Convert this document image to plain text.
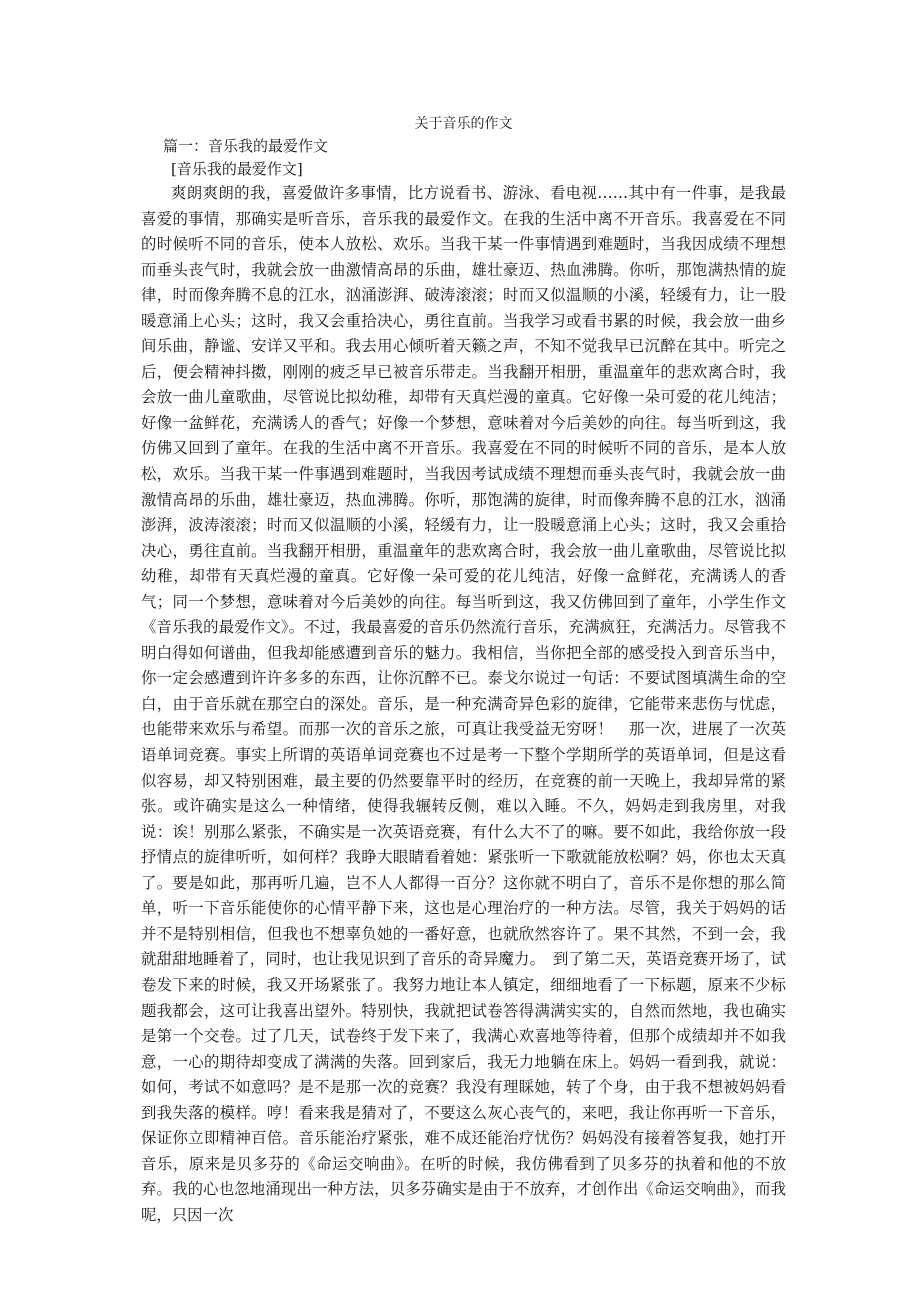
关于音乐的作文
篇一：音乐我的最爱作文
[音乐我的最爱作文]

爽朗爽朗的我，喜爱做许多事情，比方说看书、游泳、看电视……其中有一件事，是我最喜爱的事情，那确实是听音乐，音乐我的最爱作文。在我的生活中离不开音乐。我喜爱在不同的时候听不同的音乐，使本人放松、欢乐。当我干某一件事情遇到难题时，当我因成绩不理想而垂头丧气时，我就会放一曲激情高昂的乐曲，雄壮豪迈、热血沸腾。你听，那饱满热情的旋律，时而像奔腾不息的江水，汹涌澎湃、破涛滚滚；时而又似温顺的小溪，轻缓有力，让一股暖意涌上心头；这时，我又会重拾决心，勇往直前。当我学习或看书累的时候，我会放一曲乡间乐曲，静谧、安详又平和。我去用心倾听着天籁之声，不知不觉我早已沉醉在其中。听完之后，便会精神抖擞，刚刚的疲乏早已被音乐带走。当我翻开相册，重温童年的悲欢离合时，我会放一曲儿童歌曲，尽管说比拟幼稚，却带有天真烂漫的童真。它好像一朵可爱的花儿纯洁；好像一盆鲜花，充满诱人的香气；好像一个梦想，意味着对今后美妙的向往。每当听到这，我仿佛又回到了童年。在我的生活中离不开音乐。我喜爱在不同的时候听不同的音乐，是本人放松，欢乐。当我干某一件事遇到难题时，当我因考试成绩不理想而垂头丧气时，我就会放一曲激情高昂的乐曲，雄壮豪迈，热血沸腾。你听，那饱满的旋律，时而像奔腾不息的江水，汹涌澎湃，波涛滚滚；时而又似温顺的小溪，轻缓有力，让一股暖意涌上心头；这时，我又会重拾决心，勇往直前。当我翻开相册，重温童年的悲欢离合时，我会放一曲儿童歌曲，尽管说比拟幼稚，却带有天真烂漫的童真。它好像一朵可爱的花儿纯洁，好像一盒鲜花，充满诱人的香气；同一个梦想，意味着对今后美妙的向往。每当听到这，我又仿佛回到了童年，小学生作文《音乐我的最爱作文》。不过，我最喜爱的音乐仍然流行音乐，充满疯狂，充满活力。尽管我不明白得如何谱曲，但我却能感遭到音乐的魅力。我相信，当你把全部的感受投入到音乐当中，你一定会感遭到许许多多的东西，让你沉醉不已。泰戈尔说过一句话：不要试图填满生命的空白，由于音乐就在那空白的深处。音乐，是一种充满奇异色彩的旋律，它能带来悲伤与忧虑，也能带来欢乐与希望。而那一次的音乐之旅，可真让我受益无穷呀！　那一次，进展了一次英语单词竞赛。事实上所谓的英语单词竞赛也不过是考一下整个学期所学的英语单词，但是这看似容易，却又特别困难，最主要的仍然要靠平时的经历，在竞赛的前一天晚上，我却异常的紧张。或许确实是这么一种情绪，使得我辗转反侧，难以入睡。不久，妈妈走到我房里，对我说：诶！别那么紧张，不确实是一次英语竞赛，有什么大不了的嘛。要不如此，我给你放一段抒情点的旋律听听，如何样？我睁大眼睛看着她：紧张听一下歌就能放松啊？妈，你也太天真了。要是如此，那再听几遍，岂不人人都得一百分？这你就不明白了，音乐不是你想的那么简单，听一下音乐能使你的心情平静下来，这也是心理治疗的一种方法。尽管，我关于妈妈的话并不是特别相信，但我也不想辜负她的一番好意，也就欣然容许了。果不其然，不到一会，我就甜甜地睡着了，同时，也让我见识到了音乐的奇异魔力。　到了第二天，英语竞赛开场了，试卷发下来的时候，我又开场紧张了。我努力地让本人镇定，细细地看了一下标题，原来不少标题我都会，这可让我喜出望外。特别快，我就把试卷答得满满实实的，自然而然地，我也确实是第一个交卷。过了几天，试卷终于发下来了，我满心欢喜地等待着，但那个成绩却并不如我意，一心的期待却变成了满满的失落。回到家后，我无力地躺在床上。妈妈一看到我，就说：如何，考试不如意吗？是不是那一次的竞赛？我没有理睬她，转了个身，由于我不想被妈妈看到我失落的模样。哼！看来我是猜对了，不要这么灰心丧气的，来吧，我让你再听一下音乐，保证你立即精神百倍。音乐能治疗紧张，难不成还能治疗忧伤？妈妈没有接着答复我，她打开音乐，原来是贝多芬的《命运交响曲》。在听的时候，我仿佛看到了贝多芬的执着和他的不放弃。我的心也忽地涌现出一种方法，贝多芬确实是由于不放弃，才创作出《命运交响曲》，而我呢，只因一次
